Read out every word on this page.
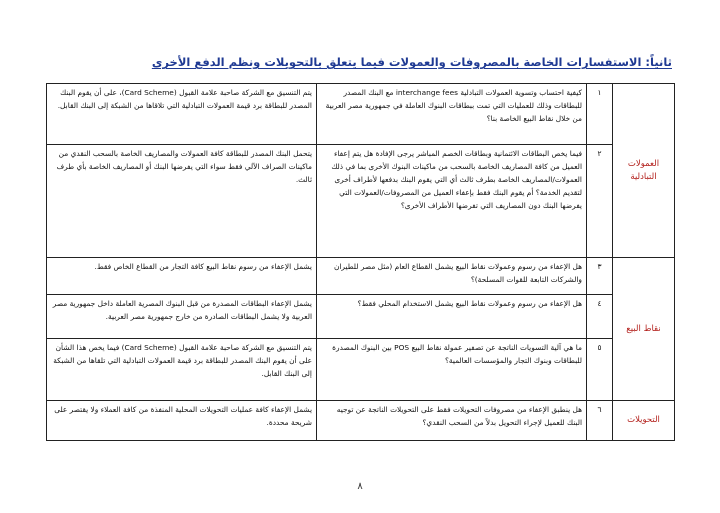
ثانياً: الاستفسارات الخاصة بالمصروفات والعمولات فيما يتعلق بالتحويلات ونظم الدفع الأخرى
العمولات التبادلية	١	كيفية احتساب وتسوية العمولات التبادلية interchange fees مع البنك المصدر للبطاقات وذلك للعمليات التي تمت ببطاقات البنوك العاملة في جمهورية مصر العربية من خلال نقاط البيع الخاصة بنا؟	يتم التنسيق مع الشركة صاحبة علامة القبول (Card Scheme)، على أن يقوم البنك المصدر للبطاقة برد قيمة العمولات التبادلية التي تلاقاها من الشبكة إلى البنك القابل.

	٢	فيما يخص البطاقات الائتمانية وبطاقات الخصم المباشر يرجى الإفادة هل يتم إعفاء العميل من كافة المصاريف الخاصة بالسحب من ماكينات البنوك الأخرى بما في ذلك العمولات/المصاريف الخاصة بطرف ثالث أي التي يقوم البنك بدفعها لأطراف أخرى لتقديم الخدمة؟ أم يقوم البنك فقط بإعفاء العميل من المصروفات/العمولات التي يفرضها البنك دون المصاريف التي تفرضها الأطراف الأخرى؟	يتحمل البنك المصدر للبطاقة كافة العمولات والمصاريف الخاصة بالسحب النقدي من ماكينات الصراف الآلي فقط سواء التي يفرضها البنك أو المصاريف الخاصة بأي طرف ثالث.

نقاط البيع	٣	هل الإعفاء من رسوم وعمولات نقاط البيع يشمل القطاع العام (مثل مصر للطيران والشركات التابعة للقوات المسلحة)؟	يشمل الإعفاء من رسوم نقاط البيع كافة التجار من القطاع الخاص فقط.

	٤	هل الإعفاء من رسوم وعمولات نقاط البيع يشمل الاستخدام المحلي فقط؟	يشمل الإعفاء البطاقات المصدرة من قبل البنوك المصرية العاملة داخل جمهورية مصر العربية ولا يشمل البطاقات الصادرة من خارج جمهورية مصر العربية.

	٥	ما هي آلية التسويات الناتجة عن تصفير عمولة نقاط البيع POS بين البنوك المصدرة للبطاقات وبنوك التجار والمؤسسات العالمية؟	يتم التنسيق مع الشركة صاحبة علامة القبول (Card Scheme) فيما يخص هذا الشأن على أن يقوم البنك المصدر للبطاقة برد قيمة العمولات التبادلية التي تلقاها من الشبكة إلى البنك القابل.

التحويلات	٦	هل ينطبق الإعفاء من مصروفات التحويلات فقط على التحويلات الناتجة عن توجيه البنك للعميل لإجراء التحويل بدلاً من السحب النقدي؟	يشمل الإعفاء كافة عمليات التحويلات المحلية المنفذة من كافة العملاء ولا يقتصر على شريحة محددة.
٨
